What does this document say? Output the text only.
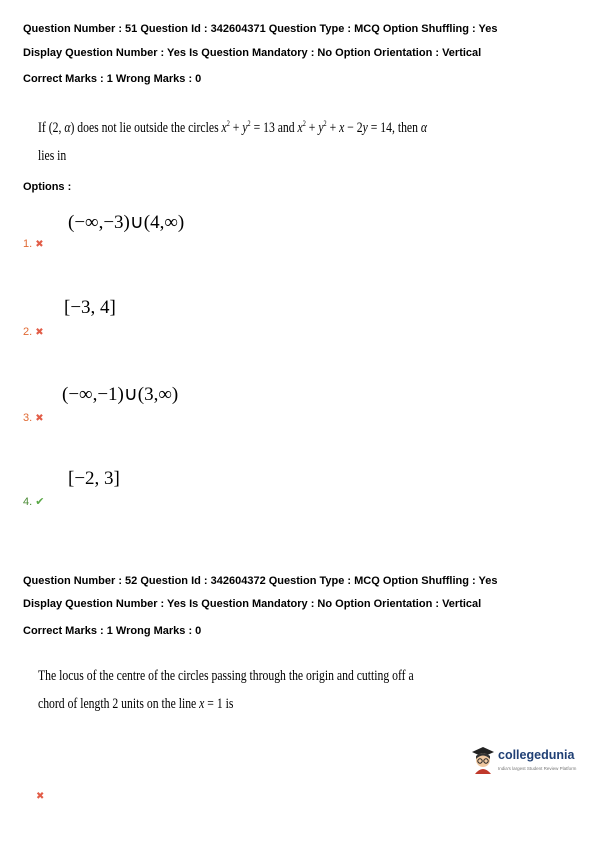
Question Number : 51 Question Id : 342604371 Question Type : MCQ Option Shuffling : Yes
Display Question Number : Yes Is Question Mandatory : No Option Orientation : Vertical
Correct Marks : 1 Wrong Marks : 0
If (2, α) does not lie outside the circles $x^2 + y^2 = 13$ and $x^2 + y^2 + x - 2y = 14$, then α
lies in
Options :
(−∞,−3)∪(4,∞)
1. ✖
[−3, 4]
2. ✖
(−∞,−1)∪(3,∞)
3. ✖
[−2, 3]
4. ✔
Question Number : 52 Question Id : 342604372 Question Type : MCQ Option Shuffling : Yes
Display Question Number : Yes Is Question Mandatory : No Option Orientation : Vertical
Correct Marks : 1 Wrong Marks : 0
The locus of the centre of the circles passing through the origin and cutting off a
chord of length 2 units on the line x = 1 is
collegedunia
India's largest Student Review Platform
✖
